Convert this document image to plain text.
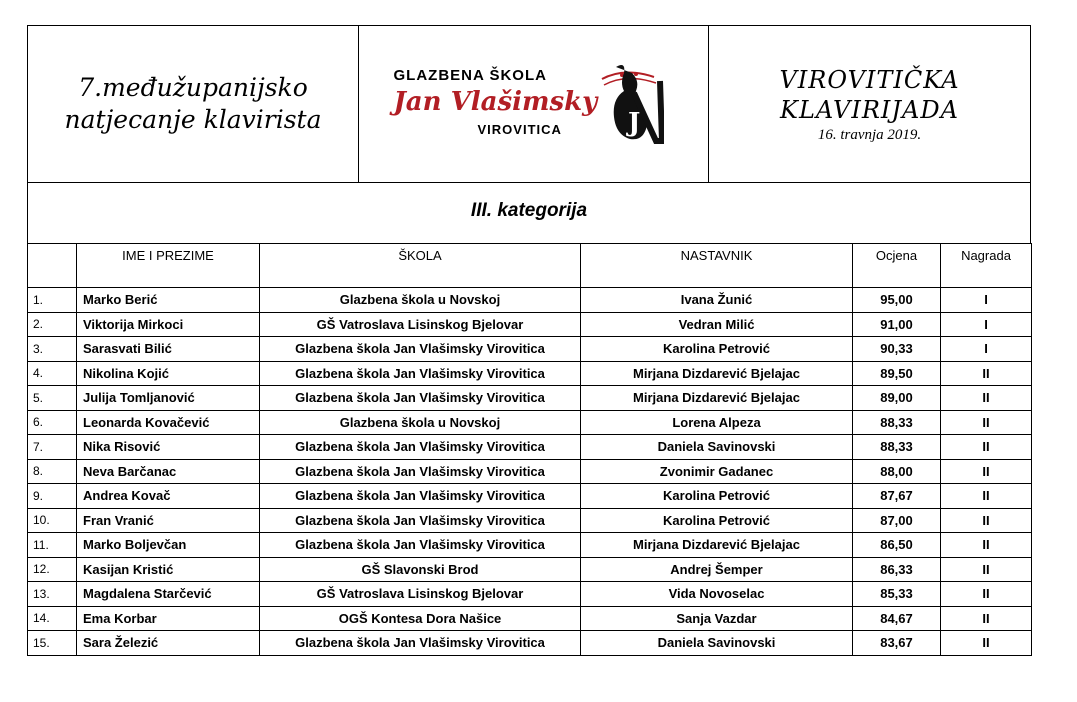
7.međužupanijsko
natjecanje klavirista
GLAZBENA ŠKOLA
Jan Vlašimsky
VIROVITICA	J
VIROVITIČKA
KLAVIRIJADA
16. travnja 2019.
III. kategorija
	IME I PREZIME	ŠKOLA	NASTAVNIK	Ocjena	Nagrada
1.	Marko Berić	Glazbena škola u Novskoj	Ivana Žunić	95,00	I
2.	Viktorija Mirkoci	GŠ Vatroslava Lisinskog Bjelovar	Vedran Milić	91,00	I
3.	Sarasvati Bilić	Glazbena škola Jan Vlašimsky Virovitica	Karolina Petrović	90,33	I
4.	Nikolina Kojić	Glazbena škola Jan Vlašimsky Virovitica	Mirjana Dizdarević Bjelajac	89,50	II
5.	Julija Tomljanović	Glazbena škola Jan Vlašimsky Virovitica	Mirjana Dizdarević Bjelajac	89,00	II
6.	Leonarda Kovačević	Glazbena škola u Novskoj	Lorena Alpeza	88,33	II
7.	Nika Risović	Glazbena škola Jan Vlašimsky Virovitica	Daniela Savinovski	88,33	II
8.	Neva Barčanac	Glazbena škola Jan Vlašimsky Virovitica	Zvonimir Gadanec	88,00	II
9.	Andrea Kovač	Glazbena škola Jan Vlašimsky Virovitica	Karolina Petrović	87,67	II
10.	Fran Vranić	Glazbena škola Jan Vlašimsky Virovitica	Karolina Petrović	87,00	II
11.	Marko Boljevčan	Glazbena škola Jan Vlašimsky Virovitica	Mirjana Dizdarević Bjelajac	86,50	II
12.	Kasijan Kristić	GŠ Slavonski Brod	Andrej Šemper	86,33	II
13.	Magdalena Starčević	GŠ Vatroslava Lisinskog Bjelovar	Vida Novoselac	85,33	II
14.	Ema Korbar	OGŠ Kontesa Dora Našice	Sanja Vazdar	84,67	II
15.	Sara Železić	Glazbena škola Jan Vlašimsky Virovitica	Daniela Savinovski	83,67	II
